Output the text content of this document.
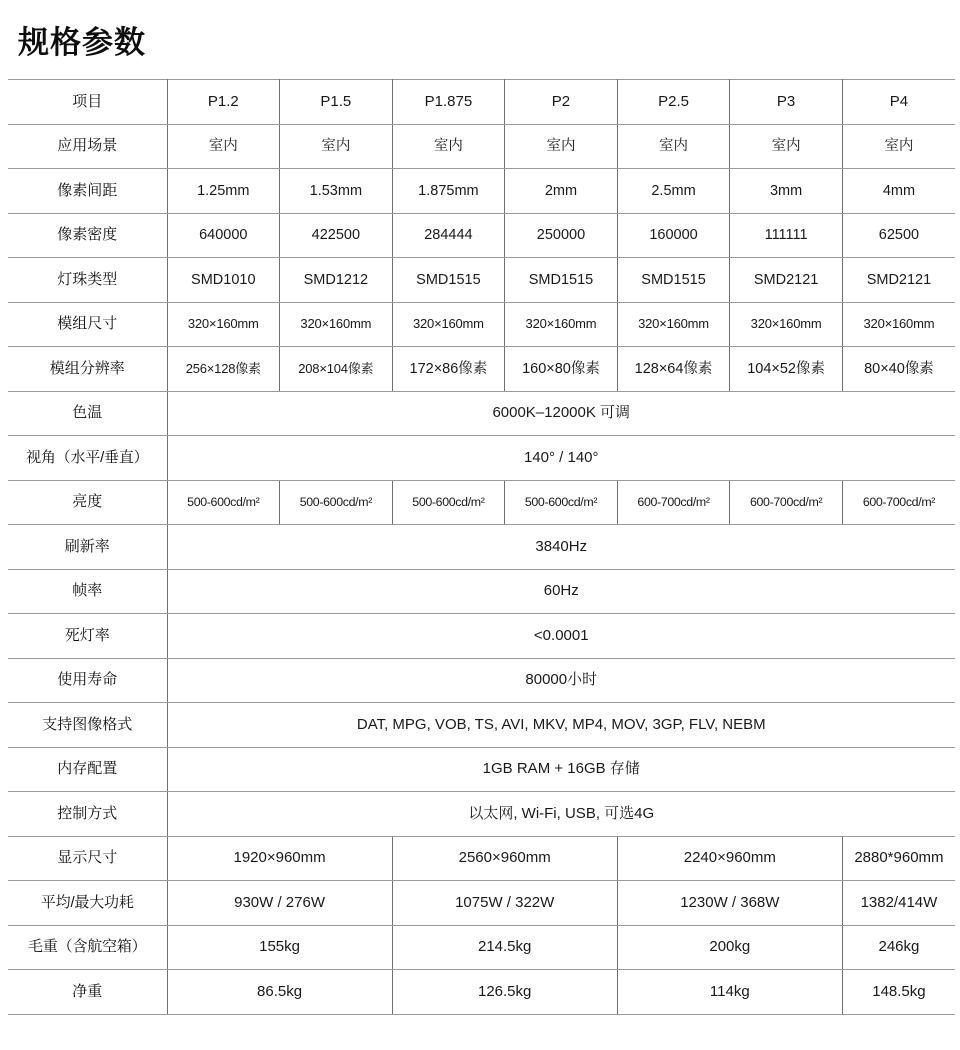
规格参数
项目	P1.2	P1.5	P1.875	P2	P2.5	P3	P4
应用场景	室内	室内	室内	室内	室内	室内	室内
像素间距	1.25mm	1.53mm	1.875mm	2mm	2.5mm	3mm	4mm
像素密度	640000	422500	284444	250000	160000	111111	62500
灯珠类型	SMD1010	SMD1212	SMD1515	SMD1515	SMD1515	SMD2121	SMD2121
模组尺寸	320×160mm	320×160mm	320×160mm	320×160mm	320×160mm	320×160mm	320×160mm
模组分辨率	256×128像素	208×104像素	172×86像素	160×80像素	128×64像素	104×52像素	80×40像素
色温	6000K–12000K 可调						
视角（水平/垂直）	140° / 140°						
亮度	500-600cd/m²	500-600cd/m²	500-600cd/m²	500-600cd/m²	600-700cd/m²	600-700cd/m²	600-700cd/m²
刷新率	3840Hz						
帧率	60Hz						
死灯率	<0.0001						
使用寿命	80000小时						
支持图像格式	DAT, MPG, VOB, TS, AVI, MKV, MP4, MOV, 3GP, FLV, NEBM						
内存配置	1GB RAM + 16GB 存储						
控制方式	以太网, Wi-Fi, USB, 可选4G						
显示尺寸	1920×960mm		2560×960mm		2240×960mm		2880*960mm
平均/最大功耗	930W / 276W		1075W / 322W		1230W / 368W		1382/414W
毛重（含航空箱）	155kg		214.5kg		200kg		246kg
净重	86.5kg		126.5kg		114kg		148.5kg
